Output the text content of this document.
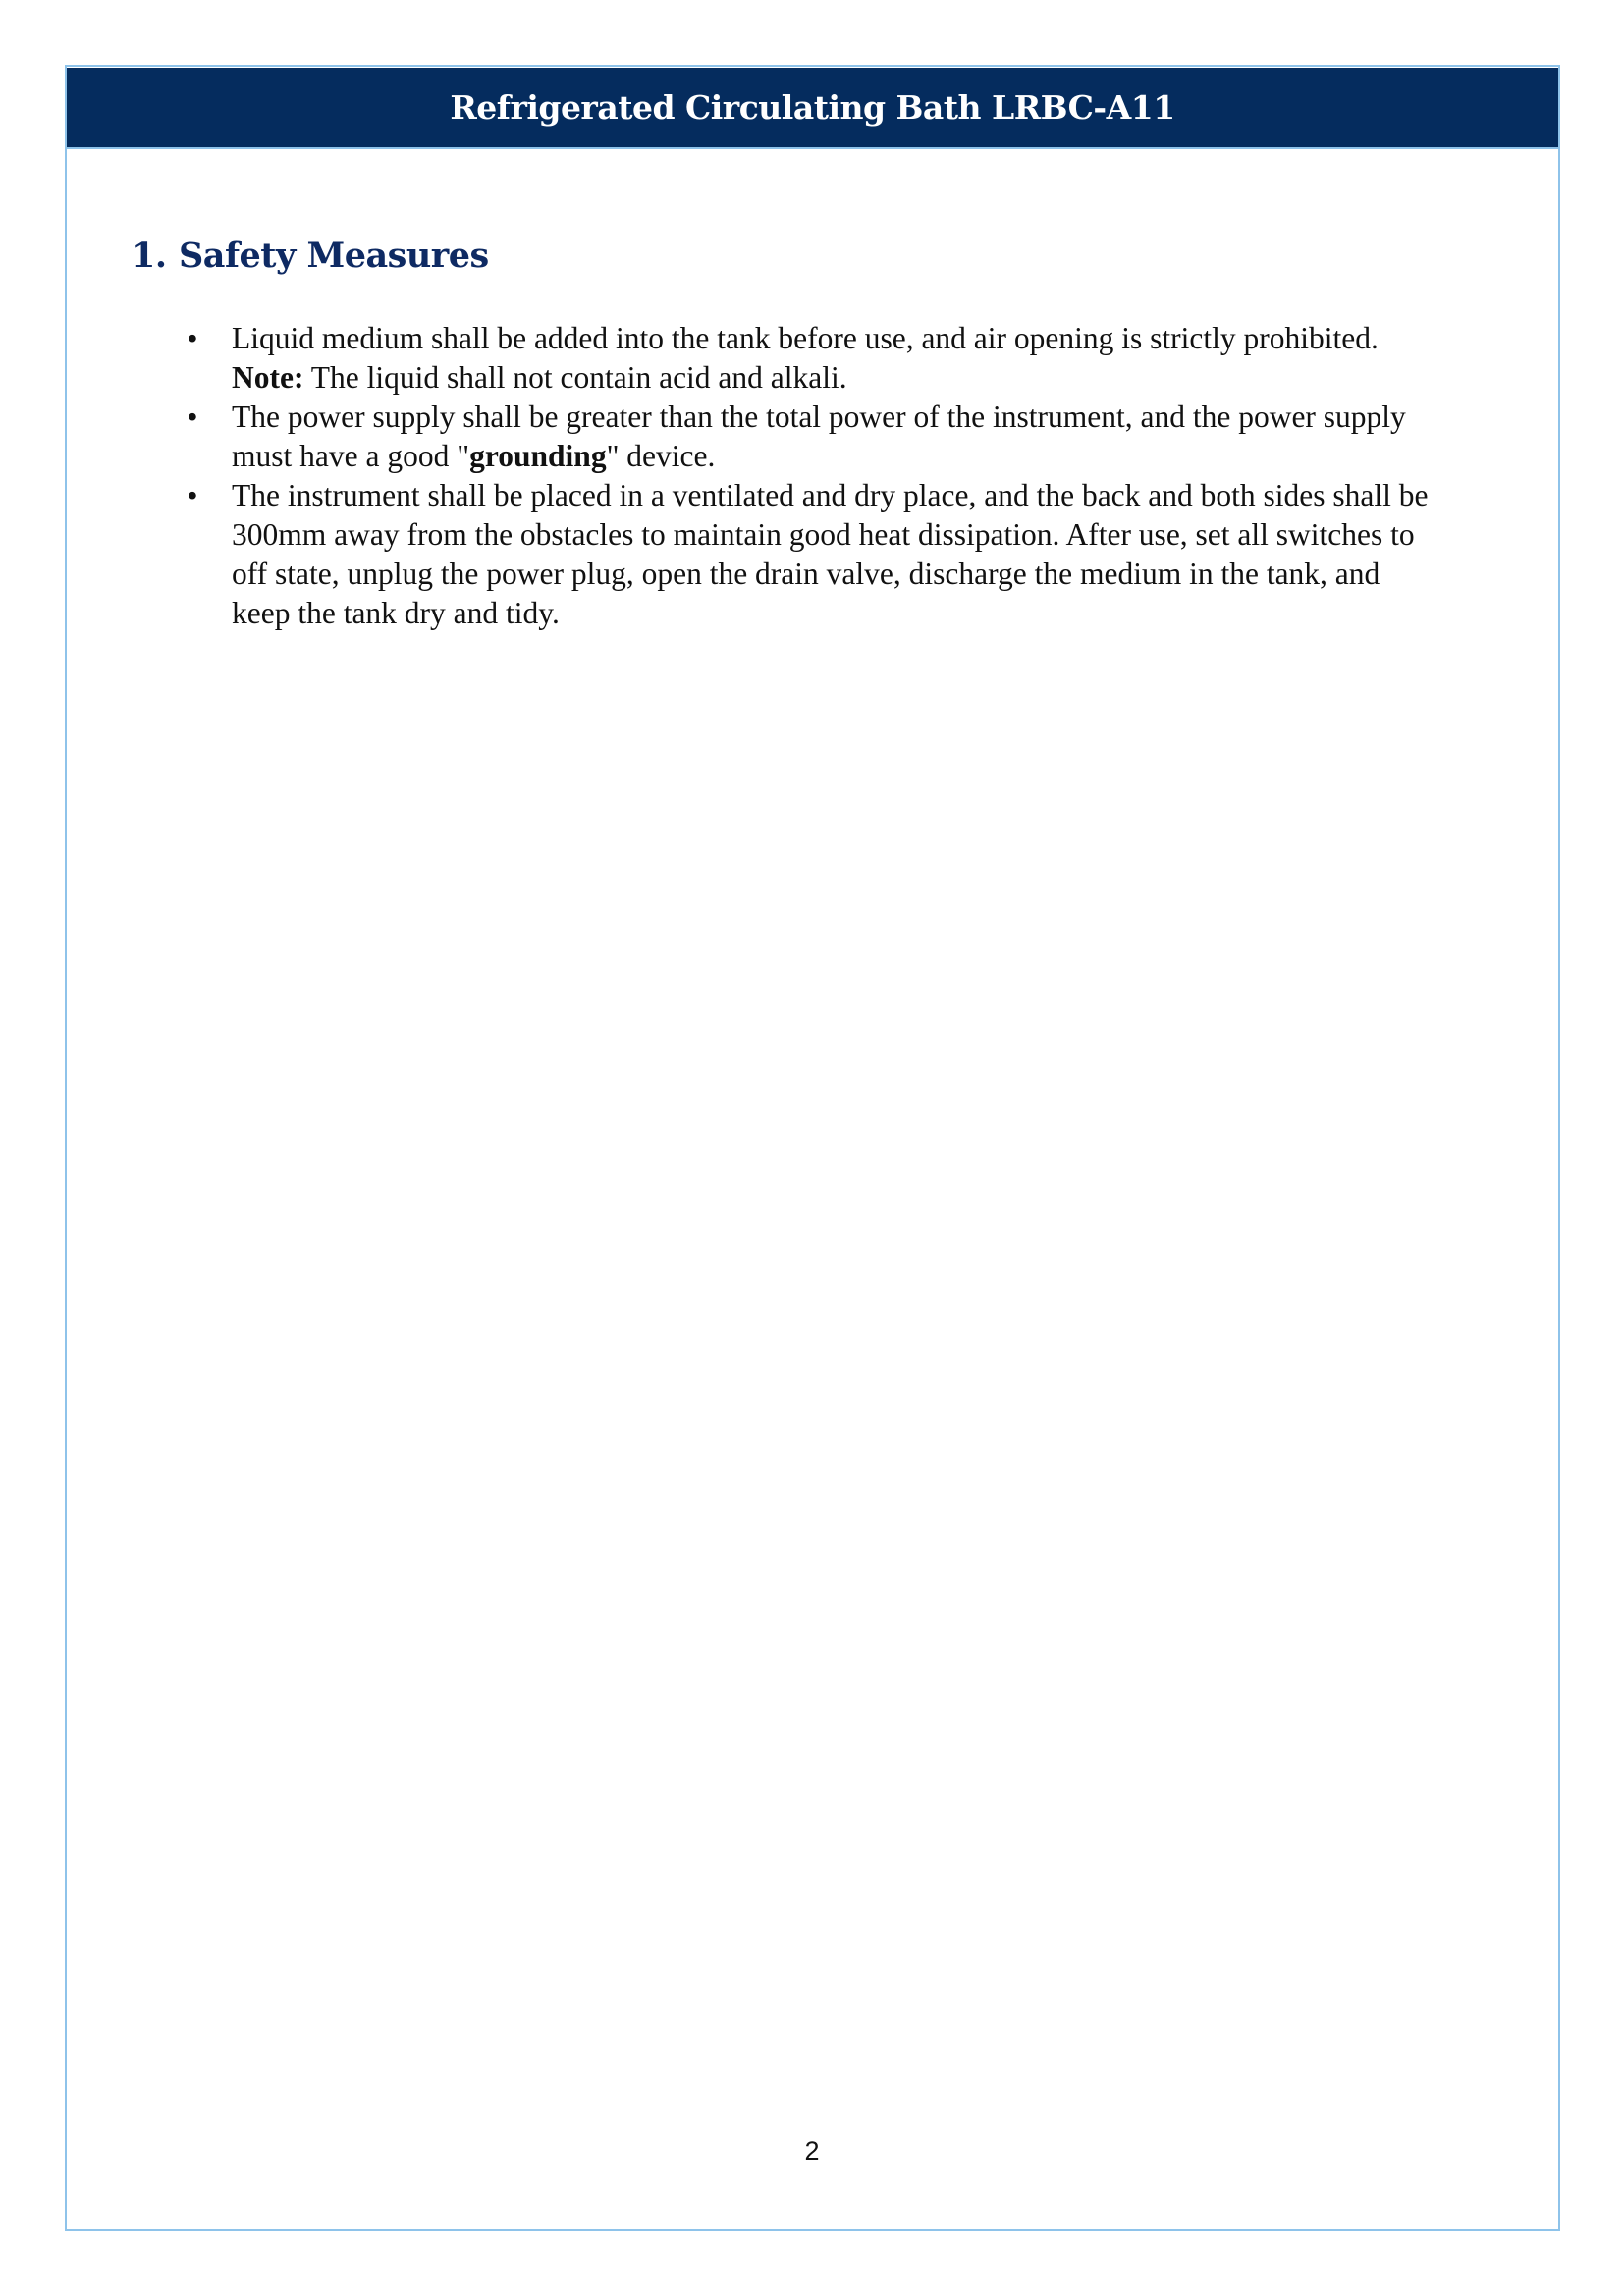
Refrigerated Circulating Bath LRBC-A11
1. Safety Measures
• Liquid medium shall be added into the tank before use, and air opening is strictly prohibited.
Note: The liquid shall not contain acid and alkali.
• The power supply shall be greater than the total power of the instrument, and the power supply must have a good "grounding" device.
• The instrument shall be placed in a ventilated and dry place, and the back and both sides shall be 300mm away from the obstacles to maintain good heat dissipation. After use, set all switches to off state, unplug the power plug, open the drain valve, discharge the medium in the tank, and keep the tank dry and tidy.
2
